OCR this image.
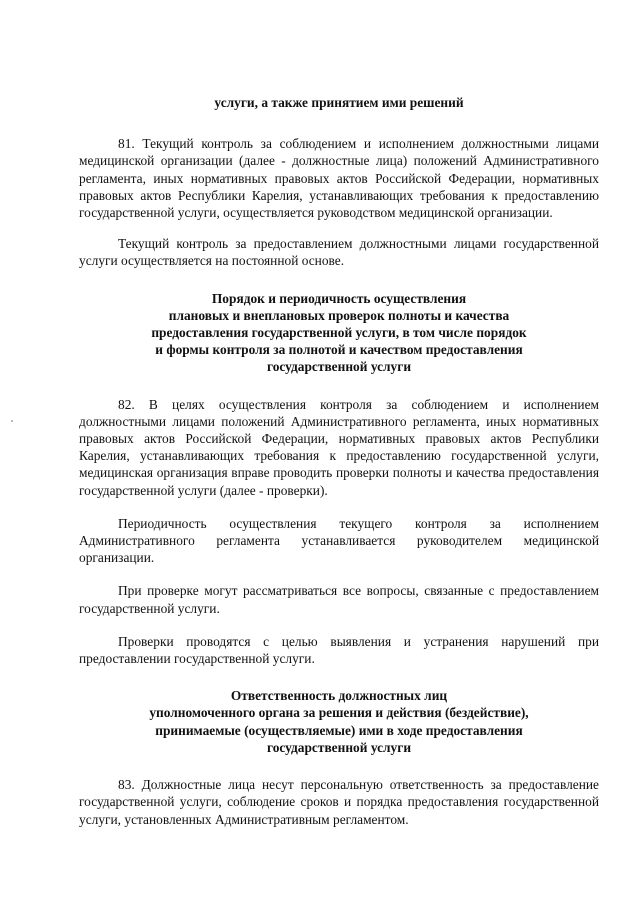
услуги, а также принятием ими решений

81. Текущий контроль за соблюдением и исполнением должностными лицами медицинской организации (далее - должностные лица) положений Административного регламента, иных нормативных правовых актов Российской Федерации, нормативных правовых актов Республики Карелия, устанавливающих требования к предоставлению государственной услуги, осуществляется руководством медицинской организации.

Текущий контроль за предоставлением должностными лицами государственной услуги осуществляется на постоянной основе.

Порядок и периодичность осуществления
плановых и внеплановых проверок полноты и качества
предоставления государственной услуги, в том числе порядок
и формы контроля за полнотой и качеством предоставления
государственной услуги

82. В целях осуществления контроля за соблюдением и исполнением должностными лицами положений Административного регламента, иных нормативных правовых актов Российской Федерации, нормативных правовых актов Республики Карелия, устанавливающих требования к предоставлению государственной услуги, медицинская организация вправе проводить проверки полноты и качества предоставления государственной услуги (далее - проверки).

Периодичность осуществления текущего контроля за исполнением Административного регламента устанавливается руководителем медицинской организации.

При проверке могут рассматриваться все вопросы, связанные с предоставлением государственной услуги.

Проверки проводятся с целью выявления и устранения нарушений при предоставлении государственной услуги.

Ответственность должностных лиц
уполномоченного органа за решения и действия (бездействие),
принимаемые (осуществляемые) ими в ходе предоставления
государственной услуги

83. Должностные лица несут персональную ответственность за предоставление государственной услуги, соблюдение сроков и порядка предоставления государственной услуги, установленных Административным регламентом.
